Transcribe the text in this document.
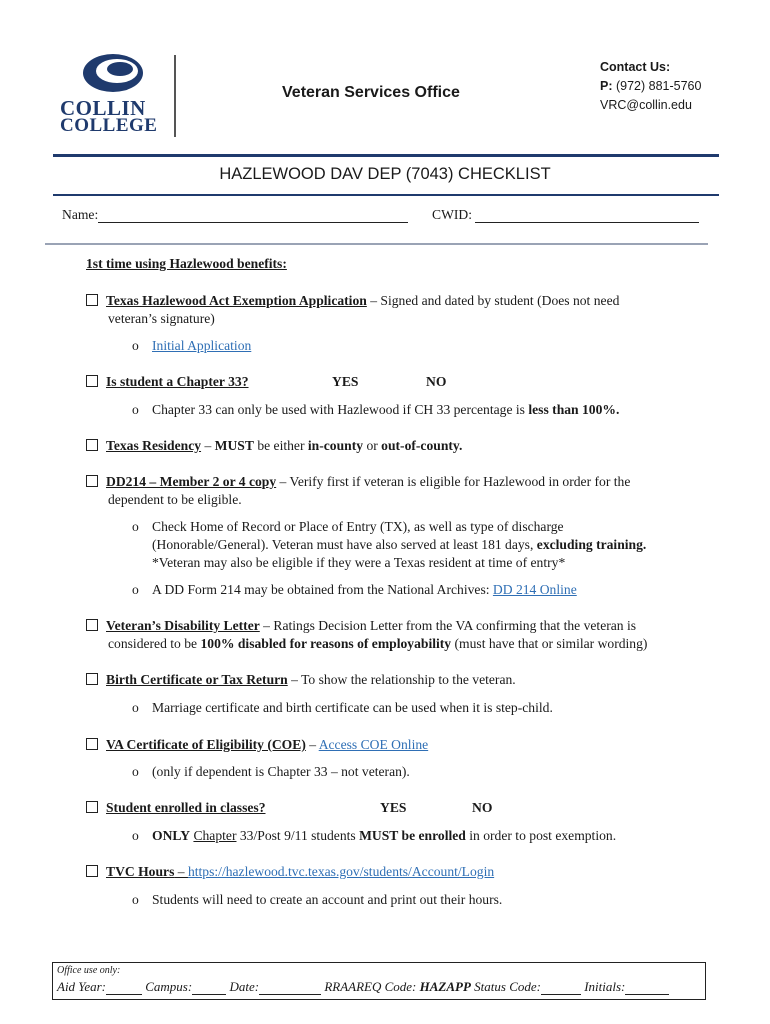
COLLIN
COLLEGE
Veteran Services Office
Contact Us:
P: (972) 881-5760
VRC@collin.edu
HAZLEWOOD DAV DEP (7043) CHECKLIST
Name:	CWID:
1st time using Hazlewood benefits:
Texas Hazlewood Act Exemption Application – Signed and dated by student (Does not need
veteran’s signature)
o Initial Application
Is student a Chapter 33?	YES	NO
o Chapter 33 can only be used with Hazlewood if CH 33 percentage is less than 100%.
Texas Residency – MUST be either in-county or out-of-county.
DD214 – Member 2 or 4 copy – Verify first if veteran is eligible for Hazlewood in order for the
dependent to be eligible.
o Check Home of Record or Place of Entry (TX), as well as type of discharge
(Honorable/General). Veteran must have also served at least 181 days, excluding training.
*Veteran may also be eligible if they were a Texas resident at time of entry*
o A DD Form 214 may be obtained from the National Archives: DD 214 Online
Veteran’s Disability Letter – Ratings Decision Letter from the VA confirming that the veteran is
considered to be 100% disabled for reasons of employability (must have that or similar wording)
Birth Certificate or Tax Return – To show the relationship to the veteran.
o Marriage certificate and birth certificate can be used when it is step-child.
VA Certificate of Eligibility (COE) – Access COE Online
o (only if dependent is Chapter 33 – not veteran).
Student enrolled in classes?	YES	NO
o ONLY Chapter 33/Post 9/11 students MUST be enrolled in order to post exemption.
TVC Hours – https://hazlewood.tvc.texas.gov/students/Account/Login
o Students will need to create an account and print out their hours.
Office use only:
Aid Year:	Campus:	Date:	RRAAREQ Code: HAZAPP Status Code:	Initials:
